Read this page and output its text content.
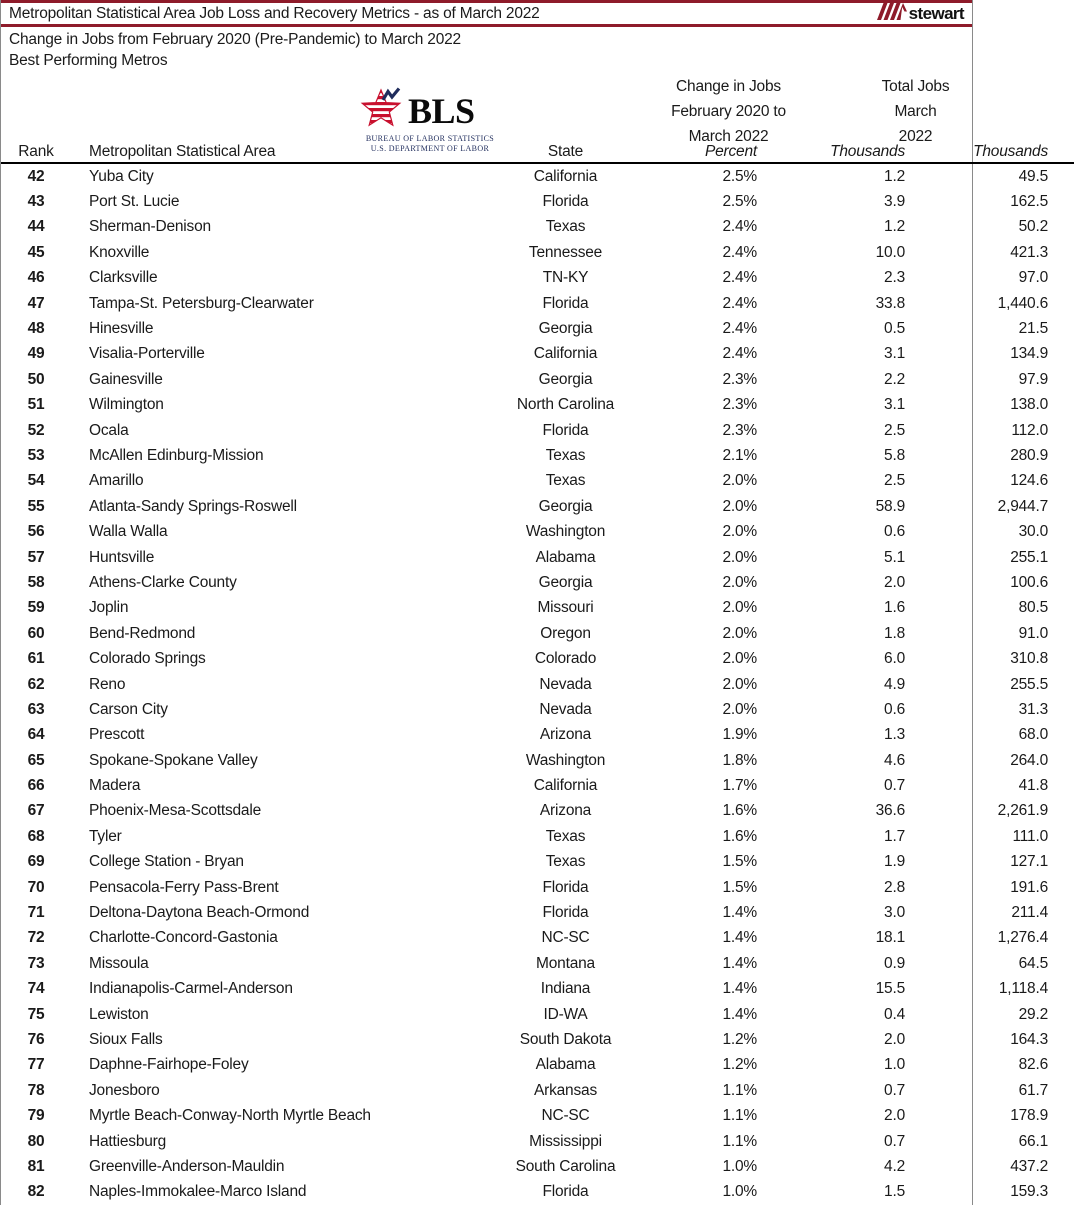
Metropolitan Statistical Area Job Loss and Recovery Metrics - as of March 2022	stewart
Change in Jobs from February 2020 (Pre-Pandemic) to March 2022
Best Performing Metros
BLS
BUREAU OF LABOR STATISTICS
U.S. DEPARTMENT OF LABOR
Change in Jobs
February 2020 to
March 2022
Total Jobs
March
2022
Rank	Metropolitan Statistical Area	State	Percent	Thousands	Thousands
42	Yuba City	California	2.5%	1.2	49.5
43	Port St. Lucie	Florida	2.5%	3.9	162.5
44	Sherman-Denison	Texas	2.4%	1.2	50.2
45	Knoxville	Tennessee	2.4%	10.0	421.3
46	Clarksville	TN-KY	2.4%	2.3	97.0
47	Tampa-St. Petersburg-Clearwater	Florida	2.4%	33.8	1,440.6
48	Hinesville	Georgia	2.4%	0.5	21.5
49	Visalia-Porterville	California	2.4%	3.1	134.9
50	Gainesville	Georgia	2.3%	2.2	97.9
51	Wilmington	North Carolina	2.3%	3.1	138.0
52	Ocala	Florida	2.3%	2.5	112.0
53	McAllen Edinburg-Mission	Texas	2.1%	5.8	280.9
54	Amarillo	Texas	2.0%	2.5	124.6
55	Atlanta-Sandy Springs-Roswell	Georgia	2.0%	58.9	2,944.7
56	Walla Walla	Washington	2.0%	0.6	30.0
57	Huntsville	Alabama	2.0%	5.1	255.1
58	Athens-Clarke County	Georgia	2.0%	2.0	100.6
59	Joplin	Missouri	2.0%	1.6	80.5
60	Bend-Redmond	Oregon	2.0%	1.8	91.0
61	Colorado Springs	Colorado	2.0%	6.0	310.8
62	Reno	Nevada	2.0%	4.9	255.5
63	Carson City	Nevada	2.0%	0.6	31.3
64	Prescott	Arizona	1.9%	1.3	68.0
65	Spokane-Spokane Valley	Washington	1.8%	4.6	264.0
66	Madera	California	1.7%	0.7	41.8
67	Phoenix-Mesa-Scottsdale	Arizona	1.6%	36.6	2,261.9
68	Tyler	Texas	1.6%	1.7	111.0
69	College Station - Bryan	Texas	1.5%	1.9	127.1
70	Pensacola-Ferry Pass-Brent	Florida	1.5%	2.8	191.6
71	Deltona-Daytona Beach-Ormond	Florida	1.4%	3.0	211.4
72	Charlotte-Concord-Gastonia	NC-SC	1.4%	18.1	1,276.4
73	Missoula	Montana	1.4%	0.9	64.5
74	Indianapolis-Carmel-Anderson	Indiana	1.4%	15.5	1,118.4
75	Lewiston	ID-WA	1.4%	0.4	29.2
76	Sioux Falls	South Dakota	1.2%	2.0	164.3
77	Daphne-Fairhope-Foley	Alabama	1.2%	1.0	82.6
78	Jonesboro	Arkansas	1.1%	0.7	61.7
79	Myrtle Beach-Conway-North Myrtle Beach	NC-SC	1.1%	2.0	178.9
80	Hattiesburg	Mississippi	1.1%	0.7	66.1
81	Greenville-Anderson-Mauldin	South Carolina	1.0%	4.2	437.2
82	Naples-Immokalee-Marco Island	Florida	1.0%	1.5	159.3
